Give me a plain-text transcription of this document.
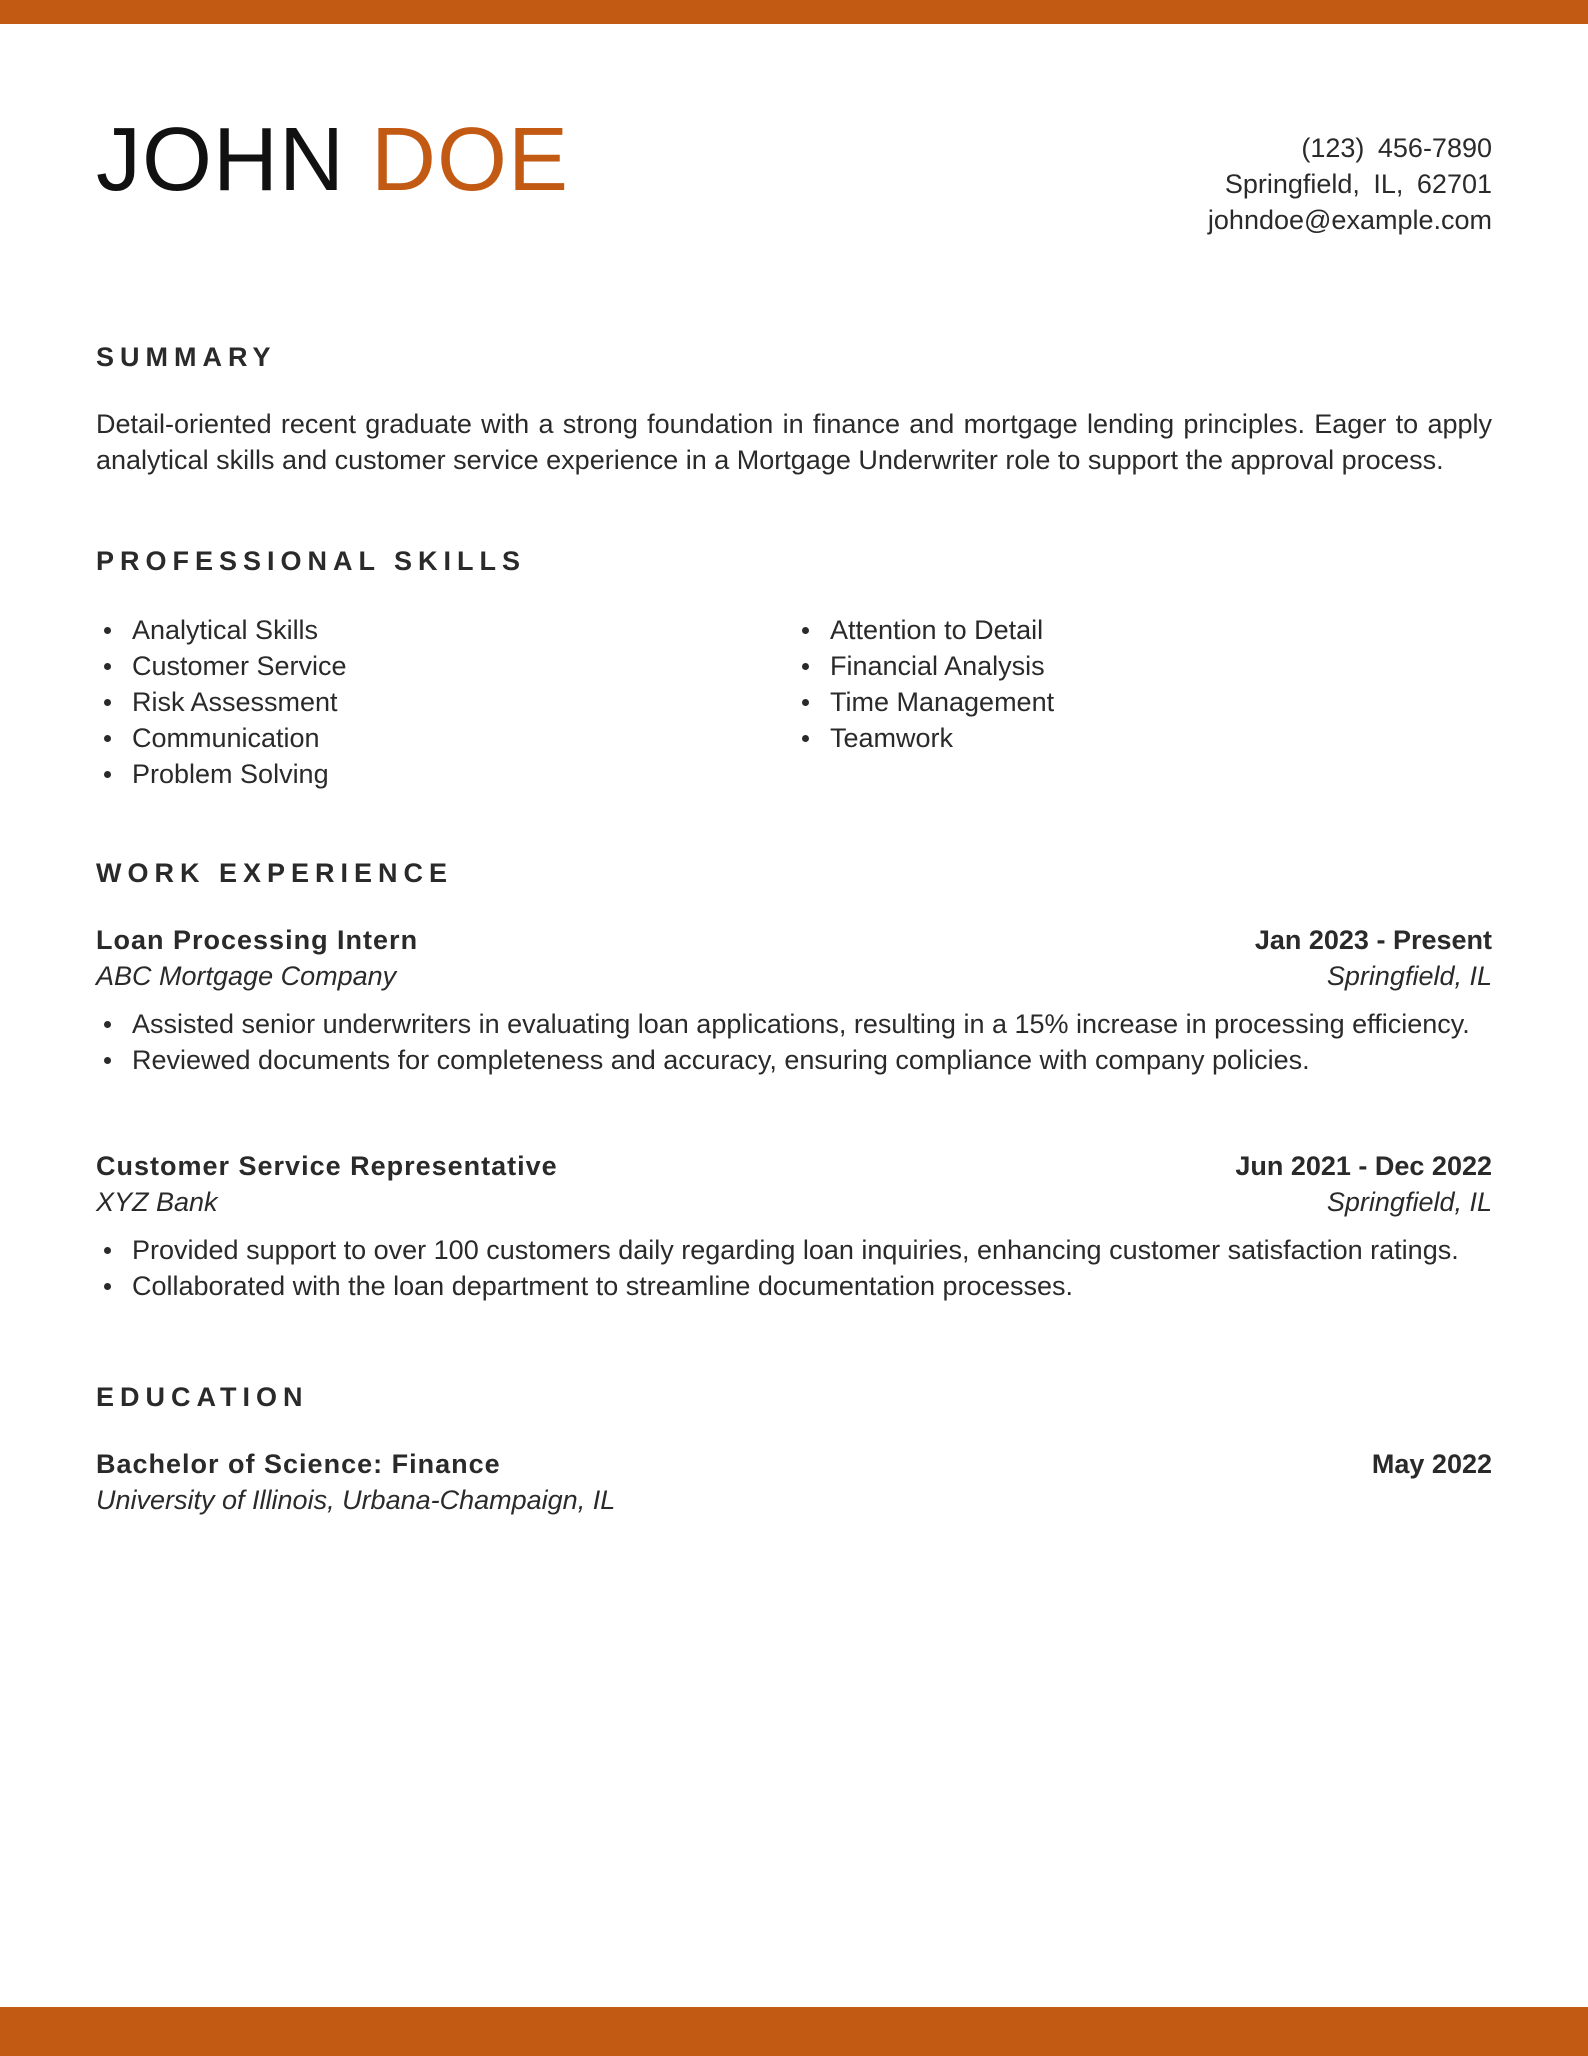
JOHN DOE	(123) 456-7890
Springfield, IL, 62701
johndoe@example.com
SUMMARY
Detail-oriented recent graduate with a strong foundation in finance and mortgage lending principles. Eager to apply analytical skills and customer service experience in a Mortgage Underwriter role to support the approval process.
PROFESSIONAL SKILLS
Analytical Skills
Customer Service
Risk Assessment
Communication
Problem Solving
Attention to Detail
Financial Analysis
Time Management
Teamwork
WORK EXPERIENCE
Loan Processing Intern	Jan 2023 - Present
ABC Mortgage Company	Springfield, IL
Assisted senior underwriters in evaluating loan applications, resulting in a 15% increase in processing efficiency.
Reviewed documents for completeness and accuracy, ensuring compliance with company policies.
Customer Service Representative	Jun 2021 - Dec 2022
XYZ Bank	Springfield, IL
Provided support to over 100 customers daily regarding loan inquiries, enhancing customer satisfaction ratings.
Collaborated with the loan department to streamline documentation processes.
EDUCATION
Bachelor of Science: Finance	May 2022
University of Illinois, Urbana-Champaign, IL
